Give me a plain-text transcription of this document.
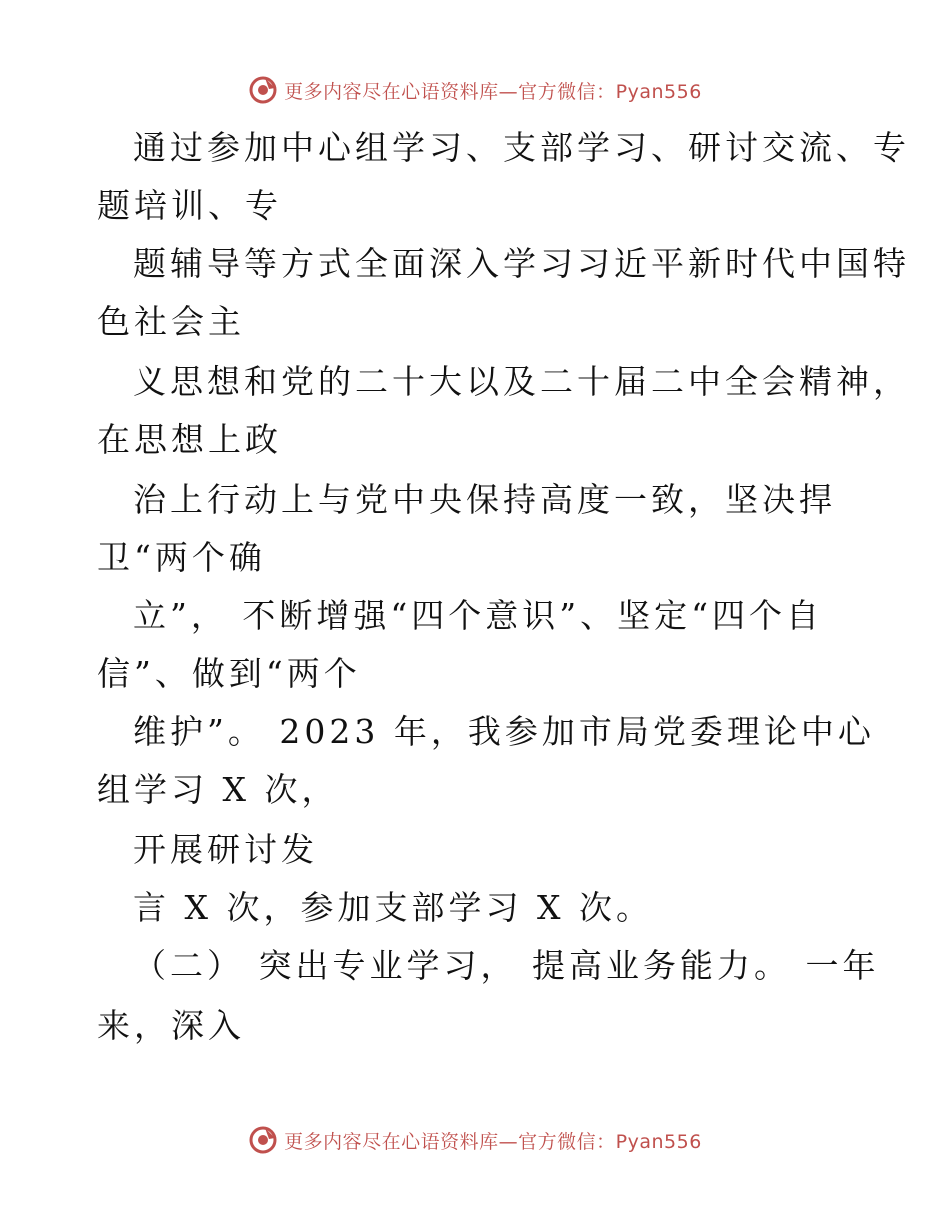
更多内容尽在心语资料库—官方微信：Pyan556
通过参加中心组学习、支部学习、研讨交流、专
题培训、专
题辅导等方式全面深入学习习近平新时代中国特
色社会主
义思想和党的二十大以及二十届二中全会精神，
在思想上政
治上行动上与党中央保持高度一致，坚决捍
卫“两个确
立”， 不断增强“四个意识”、坚定“四个自
信”、做到“两个
维护”。 2023 年，我参加市局党委理论中心
组学习 X 次，
开展研讨发
言 X 次，参加支部学习 X 次。
（二） 突出专业学习， 提高业务能力。 一年
来，深入
更多内容尽在心语资料库—官方微信：Pyan556
